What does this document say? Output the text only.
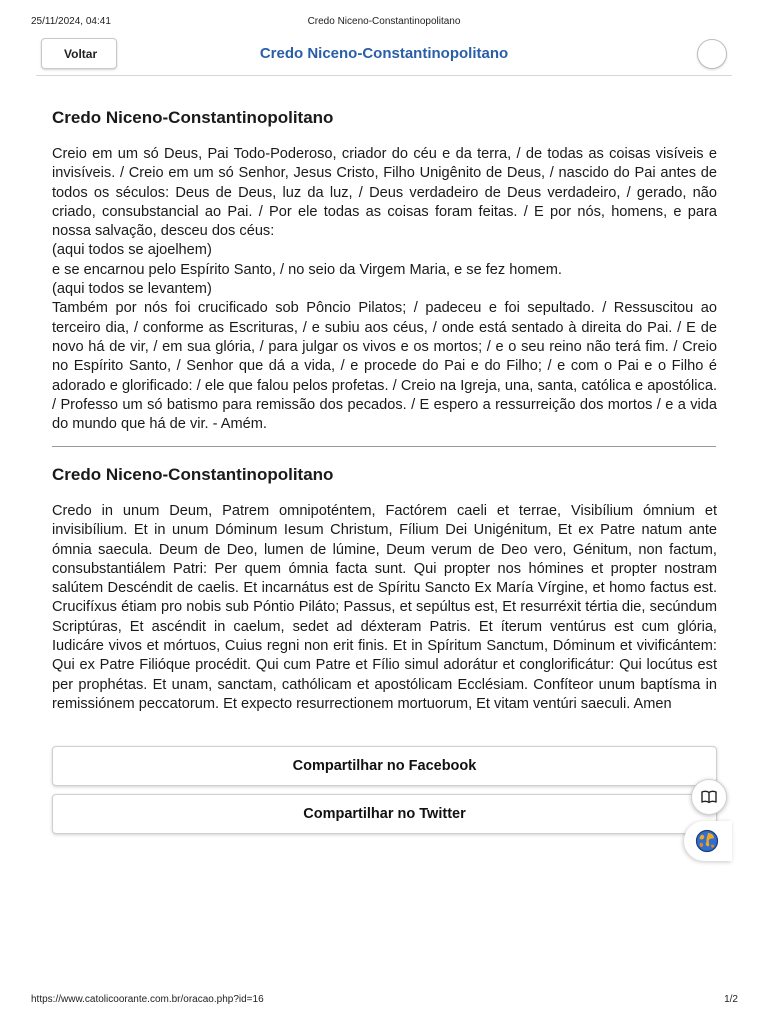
25/11/2024, 04:41	Credo Niceno-Constantinopolitano
Voltar	Credo Niceno-Constantinopolitano
Credo Niceno-Constantinopolitano

Creio em um só Deus, Pai Todo-Poderoso, criador do céu e da terra, / de todas as coisas visíveis e invisíveis. / Creio em um só Senhor, Jesus Cristo, Filho Unigênito de Deus, / nascido do Pai antes de todos os séculos: Deus de Deus, luz da luz, / Deus verdadeiro de Deus verdadeiro, / gerado, não criado, consubstancial ao Pai. / Por ele todas as coisas foram feitas. / E por nós, homens, e para nossa salvação, desceu dos céus:

(aqui todos se ajoelhem)

e se encarnou pelo Espírito Santo, / no seio da Virgem Maria, e se fez homem.

(aqui todos se levantem)

Também por nós foi crucificado sob Pôncio Pilatos; / padeceu e foi sepultado. / Ressuscitou ao terceiro dia, / conforme as Escrituras, / e subiu aos céus, / onde está sentado à direita do Pai. / E de novo há de vir, / em sua glória, / para julgar os vivos e os mortos; / e o seu reino não terá fim. / Creio no Espírito Santo, / Senhor que dá a vida, / e procede do Pai e do Filho; / e com o Pai e o Filho é adorado e glorificado: / ele que falou pelos profetas. / Creio na Igreja, una, santa, católica e apostólica. / Professo um só batismo para remissão dos pecados. / E espero a ressurreição dos mortos / e a vida do mundo que há de vir. - Amém.

Credo Niceno-Constantinopolitano

Credo in unum Deum, Patrem omnipoténtem, Factórem caeli et terrae, Visibílium ómnium et invisibílium. Et in unum Dóminum Iesum Christum, Fílium Dei Unigénitum, Et ex Patre natum ante ómnia saecula. Deum de Deo, lumen de lúmine, Deum verum de Deo vero, Génitum, non factum, consubstantiálem Patri: Per quem ómnia facta sunt. Qui propter nos hómines et propter nostram salútem Descéndit de caelis. Et incarnátus est de Spíritu Sancto Ex María Vírgine, et homo factus est. Crucifíxus étiam pro nobis sub Póntio Piláto; Passus, et sepúltus est, Et resurréxit tértia die, secúndum Scriptúras, Et ascéndit in caelum, sedet ad déxteram Patris. Et íterum ventúrus est cum glória, Iudicáre vivos et mórtuos, Cuius regni non erit finis. Et in Spíritum Sanctum, Dóminum et vivificántem: Qui ex Patre Filióque procédit. Qui cum Patre et Fílio simul adorátur et conglorificátur: Qui locútus est per prophétas. Et unam, sanctam, cathólicam et apostólicam Ecclésiam. Confíteor unum baptísma in remissiónem peccatorum. Et expecto resurrectionem mortuorum, Et vitam ventúri saeculi. Amen

Compartilhar no Facebook
Compartilhar no Twitter
https://www.catolicoorante.com.br/oracao.php?id=16	1/2
